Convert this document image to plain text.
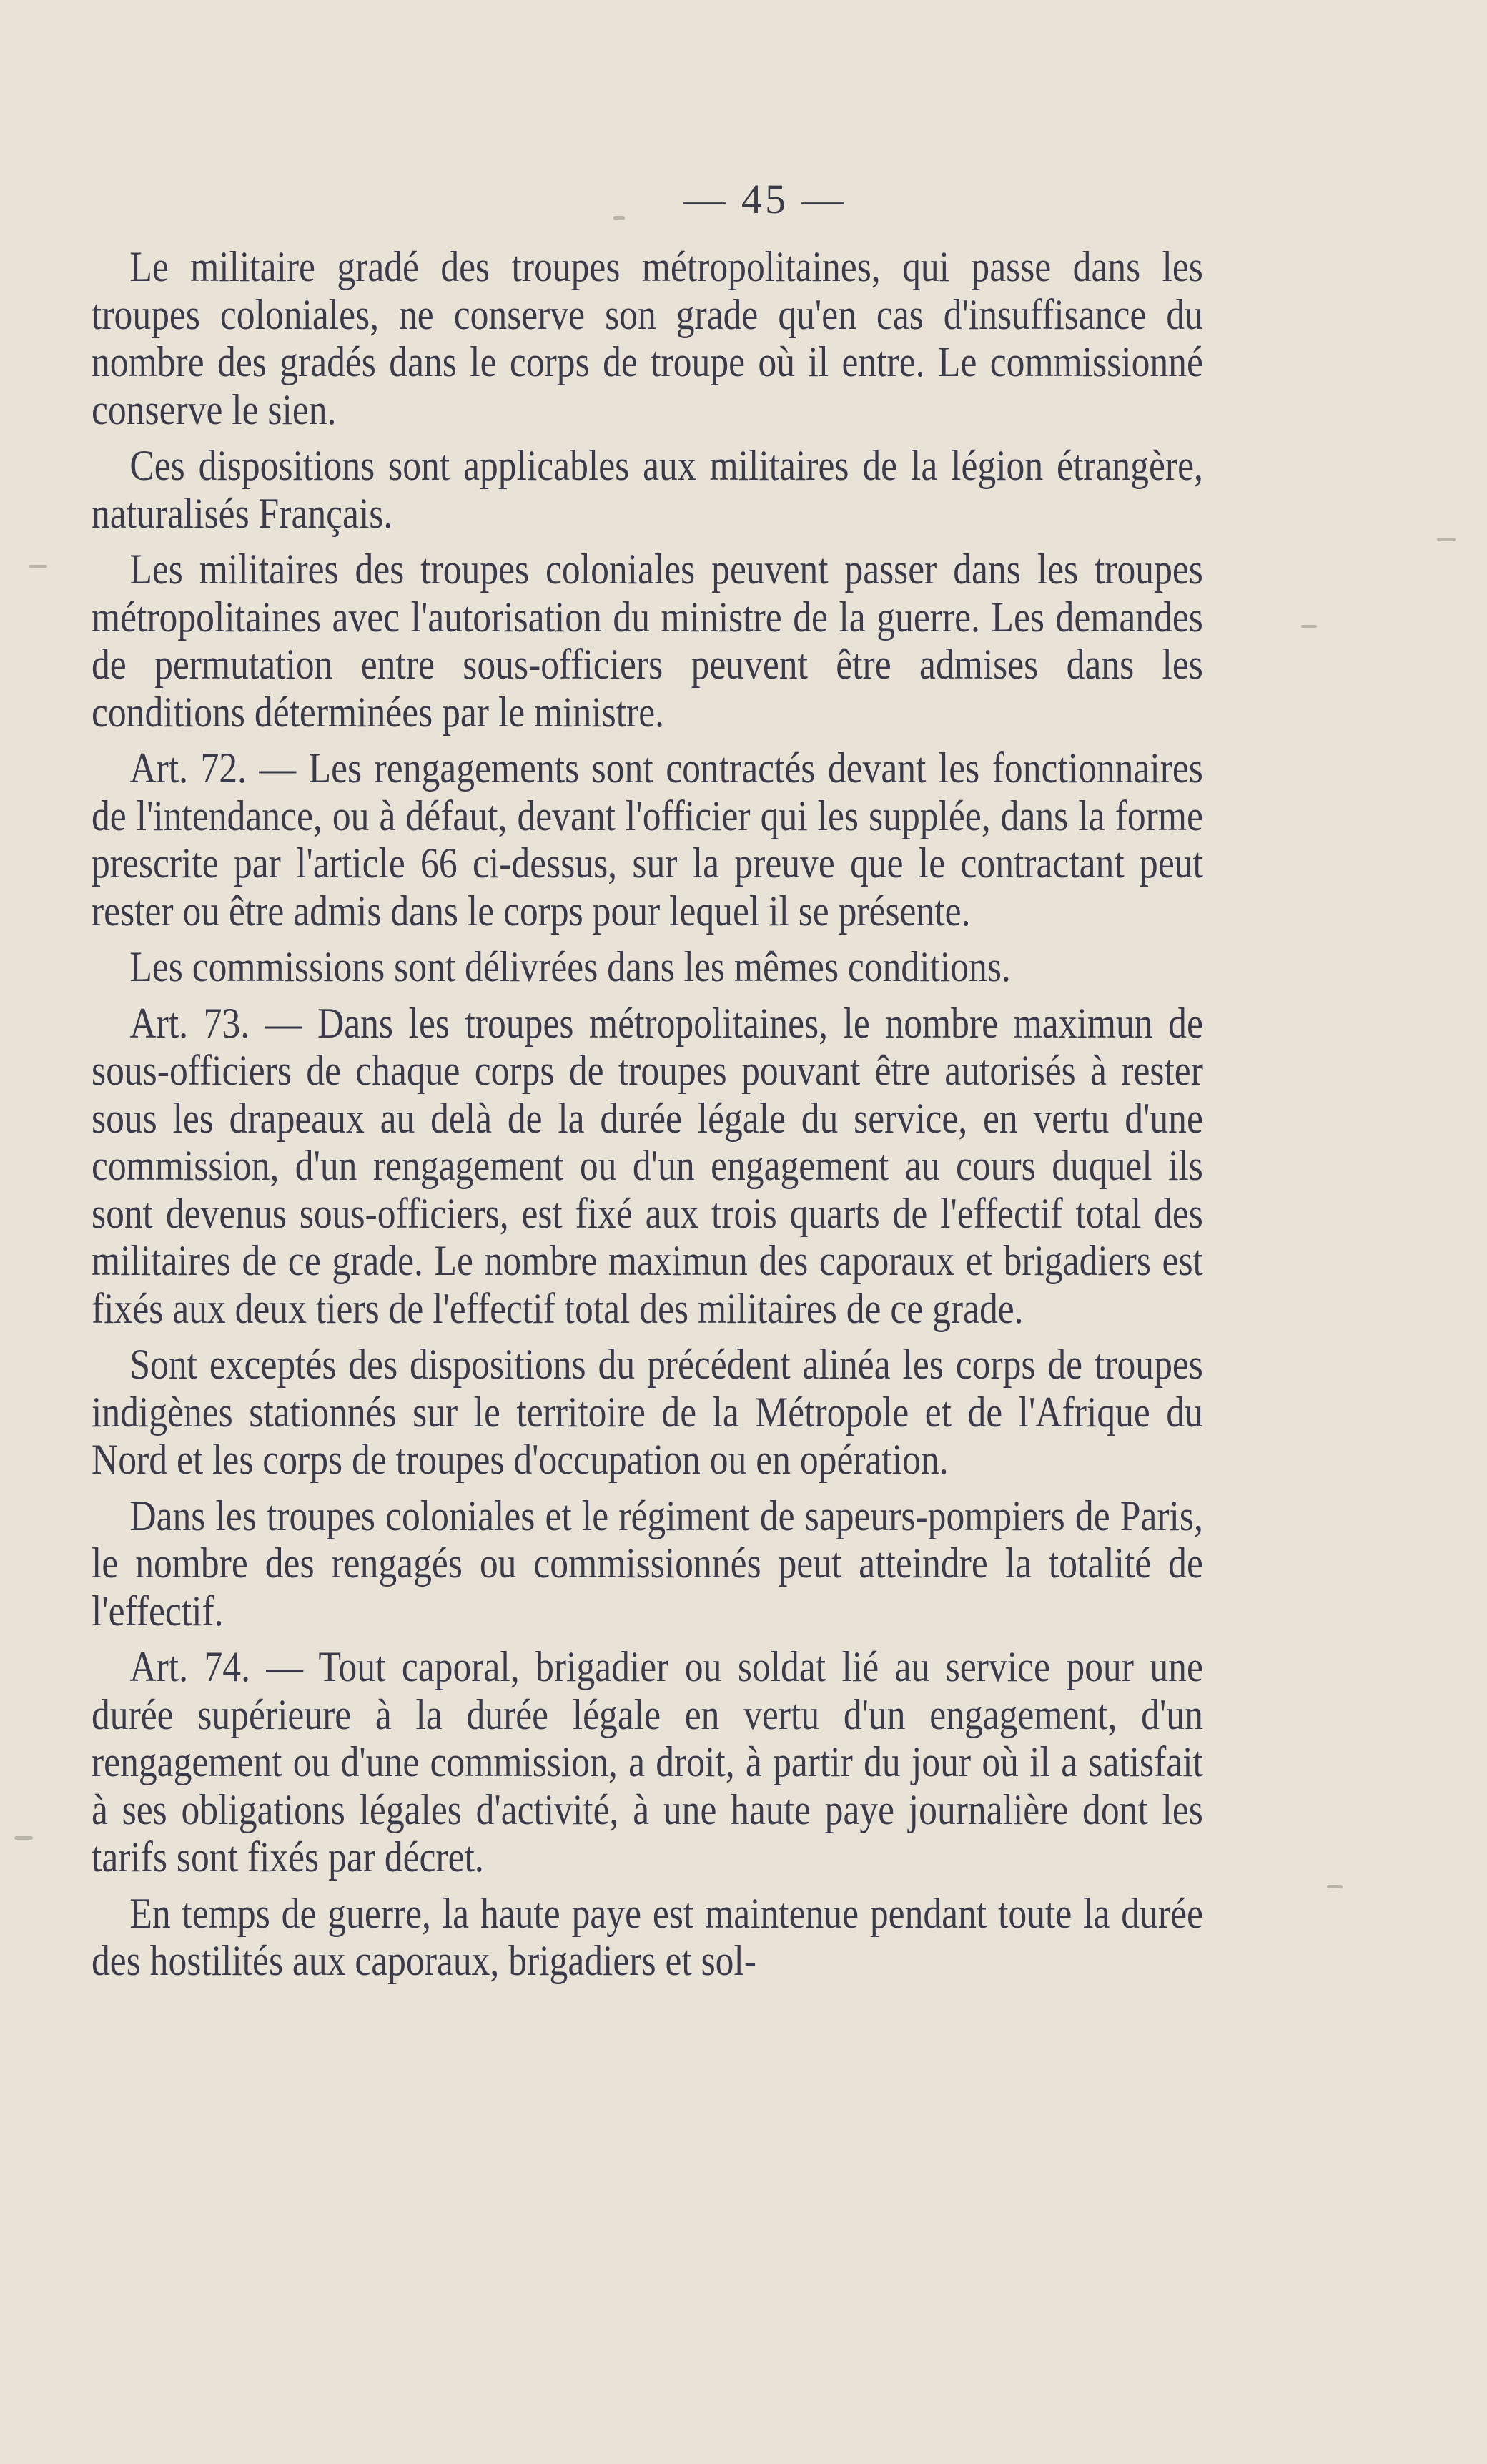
— 45 —

Le militaire gradé des troupes métropolitaines, qui passe dans les troupes coloniales, ne conserve son grade qu'en cas d'insuffisance du nombre des gradés dans le corps de troupe où il entre. Le commissionné conserve le sien.

Ces dispositions sont applicables aux militaires de la légion étrangère, naturalisés Français.

Les militaires des troupes coloniales peuvent passer dans les troupes métropolitaines avec l'autorisation du ministre de la guerre. Les demandes de permutation entre sous-officiers peuvent être admises dans les conditions déterminées par le ministre.

Art. 72. — Les rengagements sont contractés devant les fonctionnaires de l'intendance, ou à défaut, devant l'officier qui les supplée, dans la forme prescrite par l'article 66 ci-dessus, sur la preuve que le contractant peut rester ou être admis dans le corps pour lequel il se présente.

Les commissions sont délivrées dans les mêmes conditions.

Art. 73. — Dans les troupes métropolitaines, le nombre maximun de sous-officiers de chaque corps de troupes pouvant être autorisés à rester sous les drapeaux au delà de la durée légale du service, en vertu d'une commission, d'un rengagement ou d'un engagement au cours duquel ils sont devenus sous-officiers, est fixé aux trois quarts de l'effectif total des militaires de ce grade. Le nombre maximun des caporaux et brigadiers est fixés aux deux tiers de l'effectif total des militaires de ce grade.

Sont exceptés des dispositions du précédent alinéa les corps de troupes indigènes stationnés sur le territoire de la Métropole et de l'Afrique du Nord et les corps de troupes d'occupation ou en opération.

Dans les troupes coloniales et le régiment de sapeurs-pompiers de Paris, le nombre des rengagés ou commissionnés peut atteindre la totalité de l'effectif.

Art. 74. — Tout caporal, brigadier ou soldat lié au service pour une durée supérieure à la durée légale en vertu d'un engagement, d'un rengagement ou d'une commission, a droit, à partir du jour où il a satisfait à ses obligations légales d'activité, à une haute paye journalière dont les tarifs sont fixés par décret.

En temps de guerre, la haute paye est maintenue pendant toute la durée des hostilités aux caporaux, brigadiers et sol-
